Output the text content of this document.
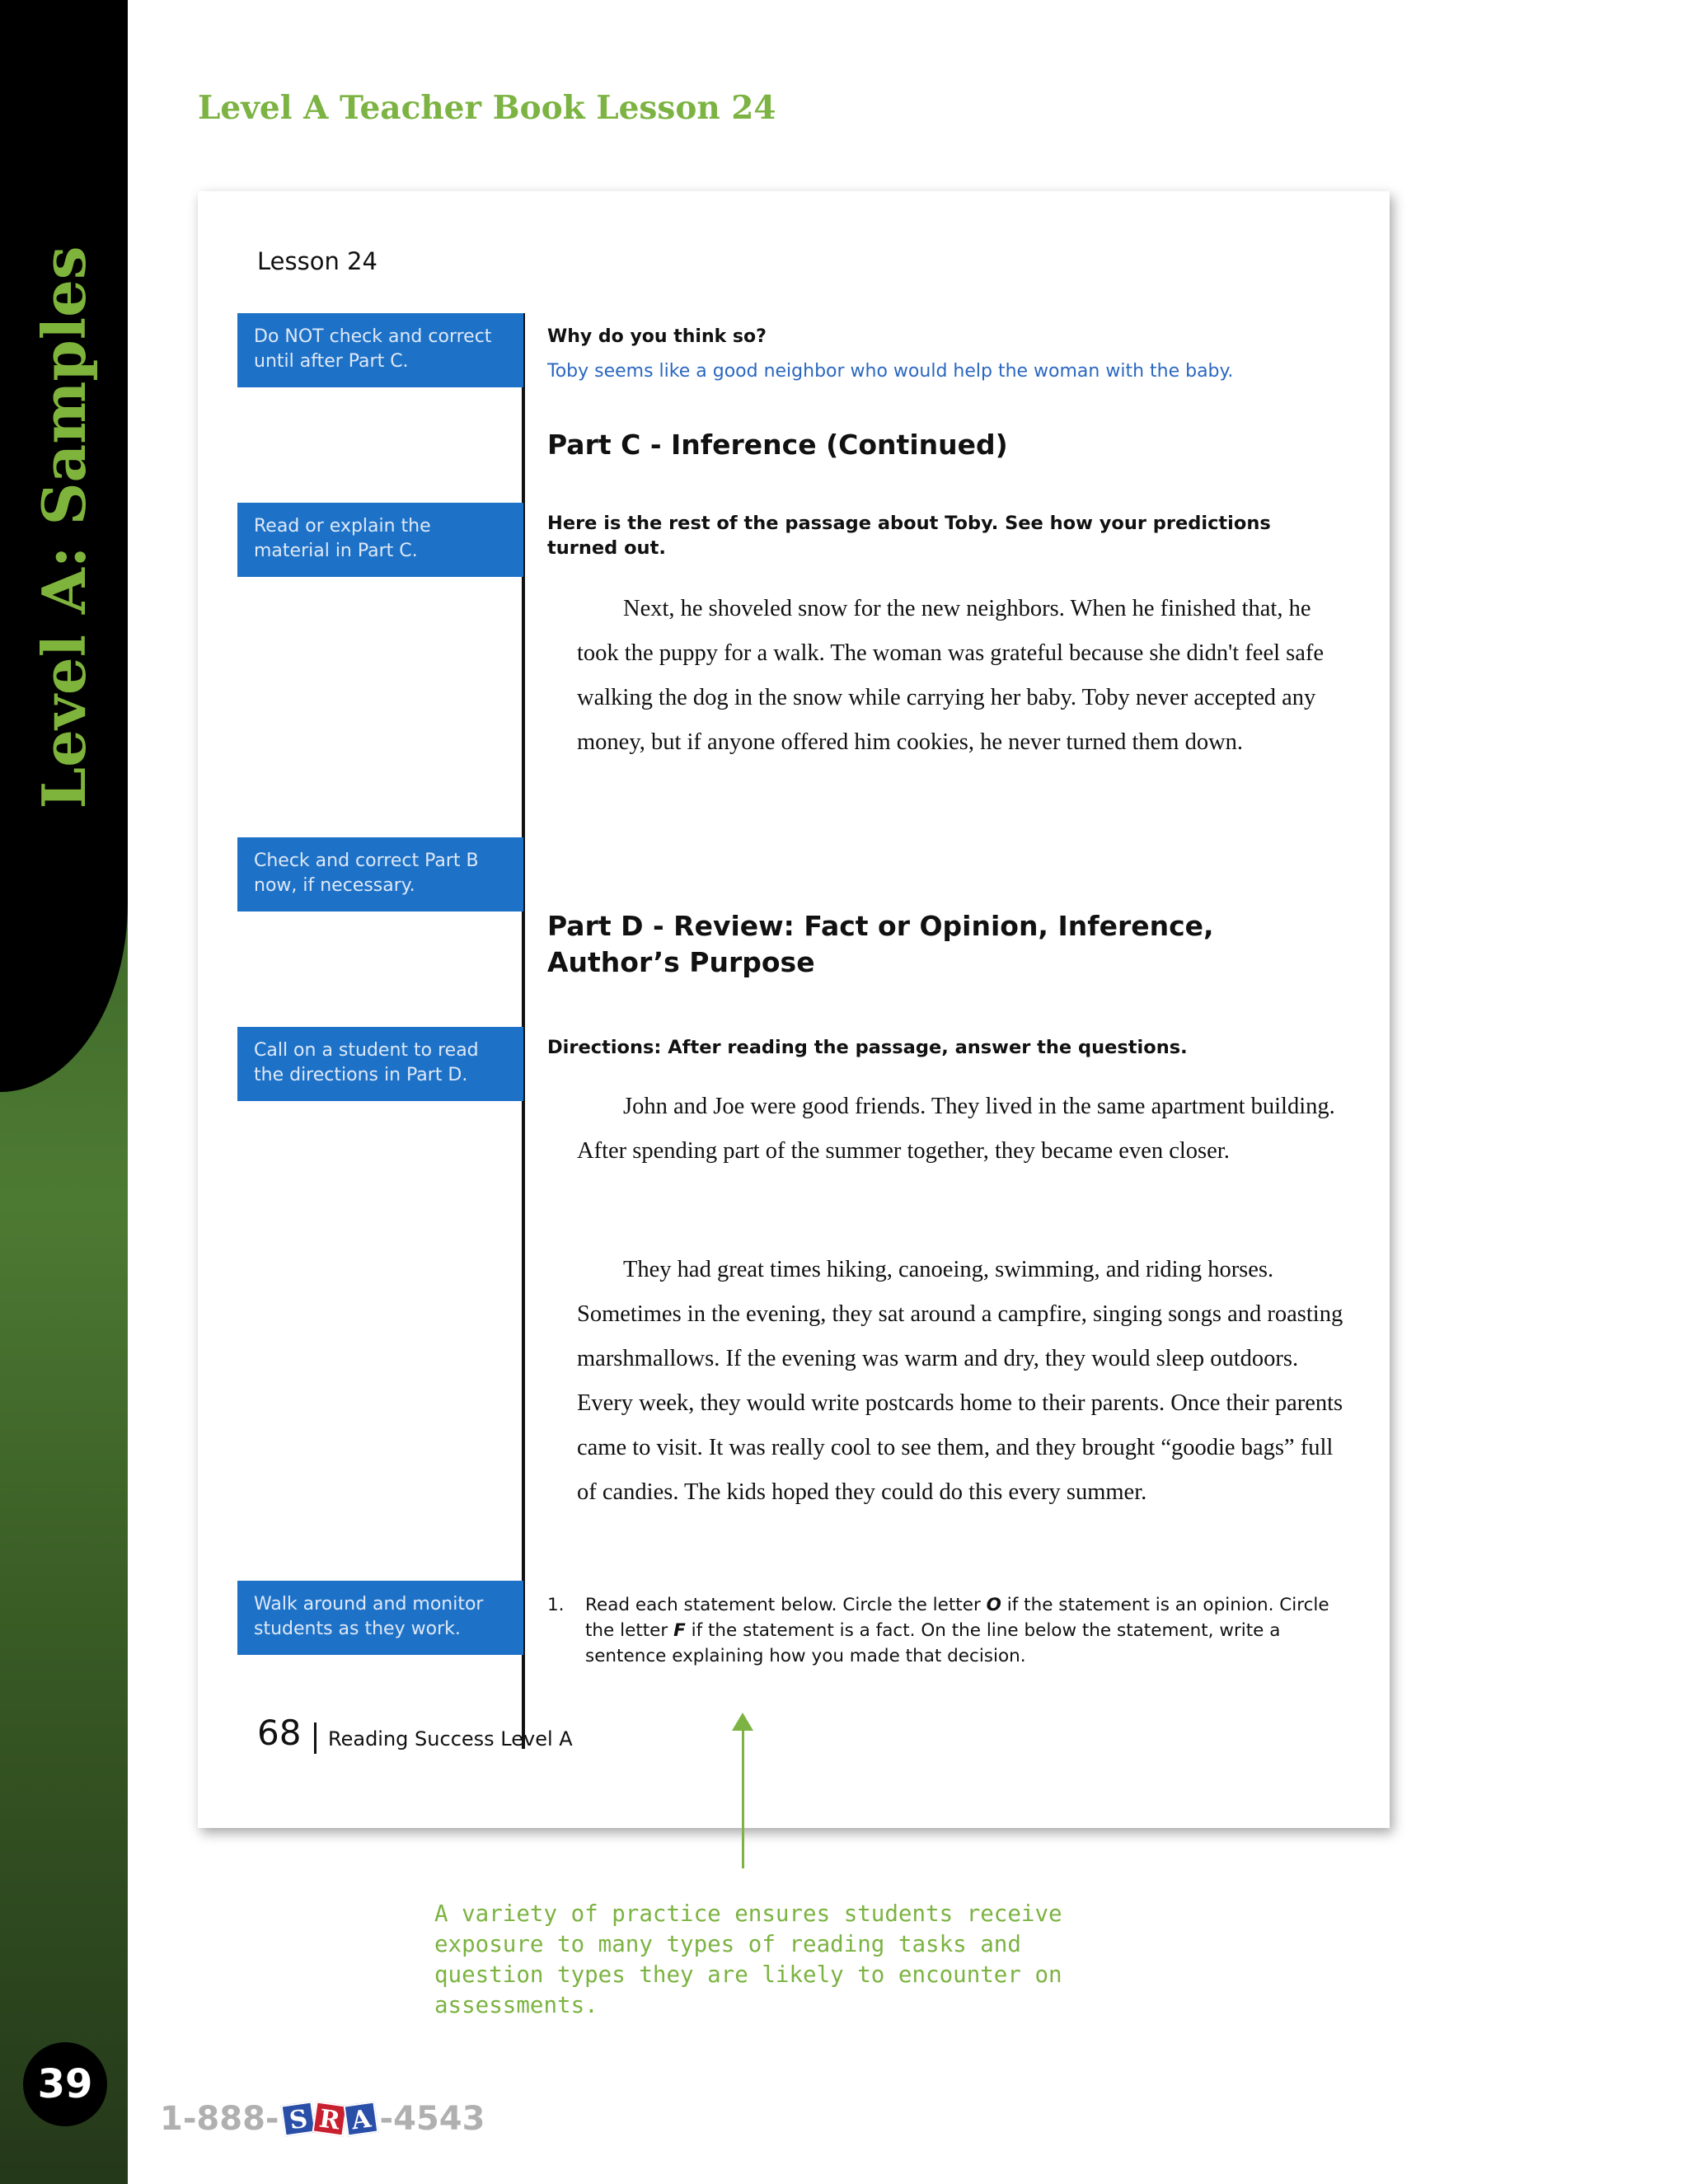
Level A: Samples
39
Level A Teacher Book Lesson 24
Lesson 24
Do NOT check and correct until after Part C.
Read or explain the material in Part C.
Check and correct Part B now, if necessary.
Call on a student to read the directions in Part D.
Walk around and monitor students as they work.
Why do you think so?
Toby seems like a good neighbor who would help the woman with the baby.
Part C - Inference (Continued)
Here is the rest of the passage about Toby. See how your predictions turned out.
Next, he shoveled snow for the new neighbors. When he finished that, he took the puppy for a walk. The woman was grateful because she didn't feel safe walking the dog in the snow while carrying her baby. Toby never accepted any money, but if anyone offered him cookies, he never turned them down.
Part D - Review: Fact or Opinion, Inference, Author’s Purpose
Directions: After reading the passage, answer the questions.
John and Joe were good friends. They lived in the same apartment building. After spending part of the summer together, they became even closer.
They had great times hiking, canoeing, swimming, and riding horses. Sometimes in the evening, they sat around a campfire, singing songs and roasting marshmallows. If the evening was warm and dry, they would sleep outdoors. Every week, they would write postcards home to their parents. Once their parents came to visit. It was really cool to see them, and they brought “goodie bags” full of candies. The kids hoped they could do this every summer.
1. Read each statement below. Circle the letter O if the statement is an opinion. Circle the letter F if the statement is a fact. On the line below the statement, write a sentence explaining how you made that decision.
68 Reading Success Level A
A variety of practice ensures students receive exposure to many types of reading tasks and question types they are likely to encounter on assessments.
1-888- S R A -4543
